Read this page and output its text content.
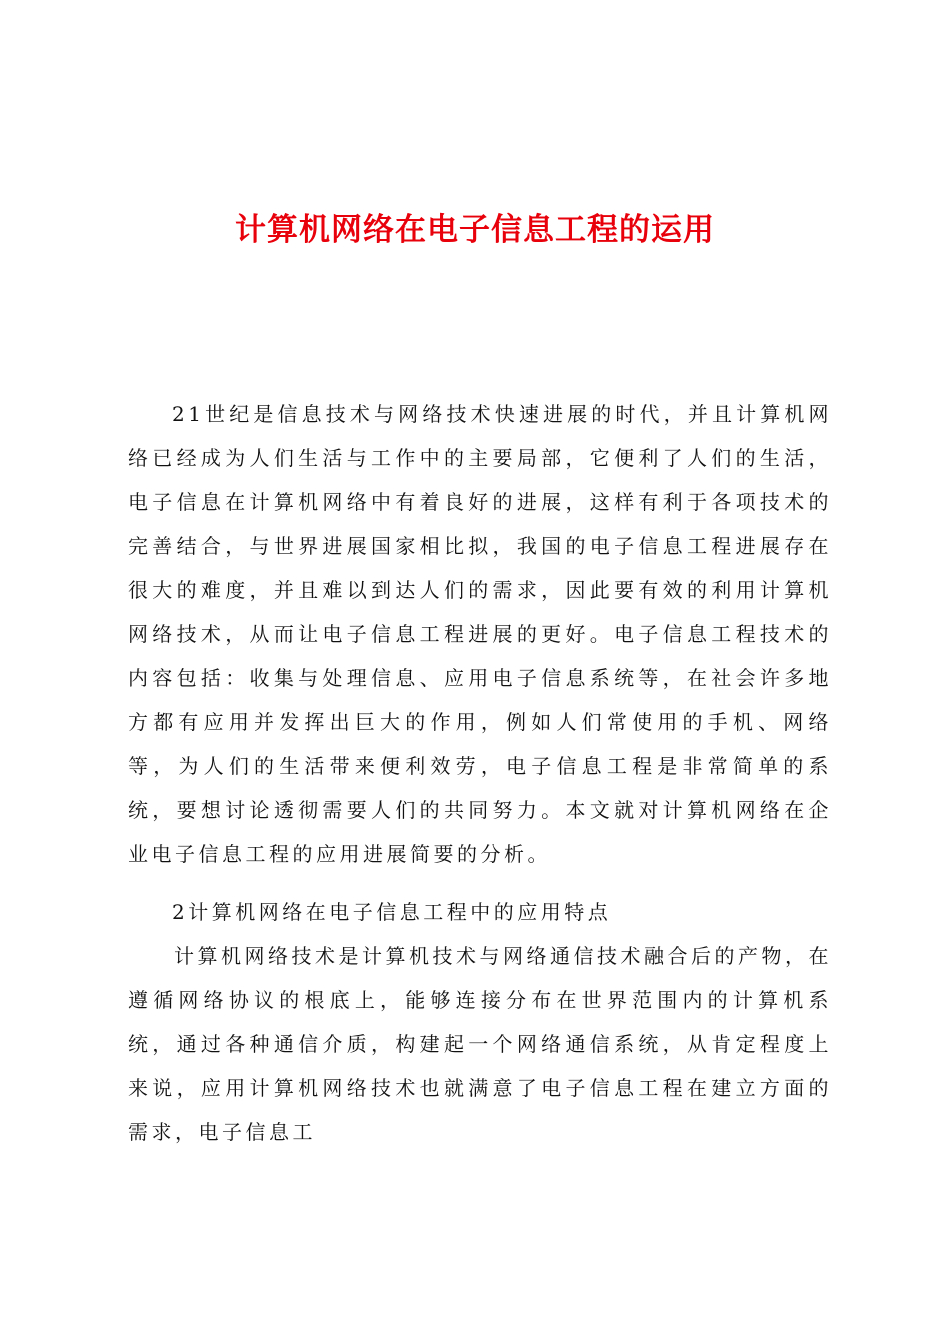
计算机网络在电子信息工程的运用

21世纪是信息技术与网络技术快速进展的时代，并且计算机网络已经成为人们生活与工作中的主要局部，它便利了人们的生活，电子信息在计算机网络中有着良好的进展，这样有利于各项技术的完善结合，与世界进展国家相比拟，我国的电子信息工程进展存在很大的难度，并且难以到达人们的需求，因此要有效的利用计算机网络技术，从而让电子信息工程进展的更好。电子信息工程技术的内容包括：收集与处理信息、应用电子信息系统等，在社会许多地方都有应用并发挥出巨大的作用，例如人们常使用的手机、网络等，为人们的生活带来便利效劳，电子信息工程是非常简单的系统，要想讨论透彻需要人们的共同努力。本文就对计算机网络在企业电子信息工程的应用进展简要的分析。

2计算机网络在电子信息工程中的应用特点

计算机网络技术是计算机技术与网络通信技术融合后的产物，在遵循网络协议的根底上，能够连接分布在世界范围内的计算机系统，通过各种通信介质，构建起一个网络通信系统，从肯定程度上来说，应用计算机网络技术也就满意了电子信息工程在建立方面的需求，电子信息工
